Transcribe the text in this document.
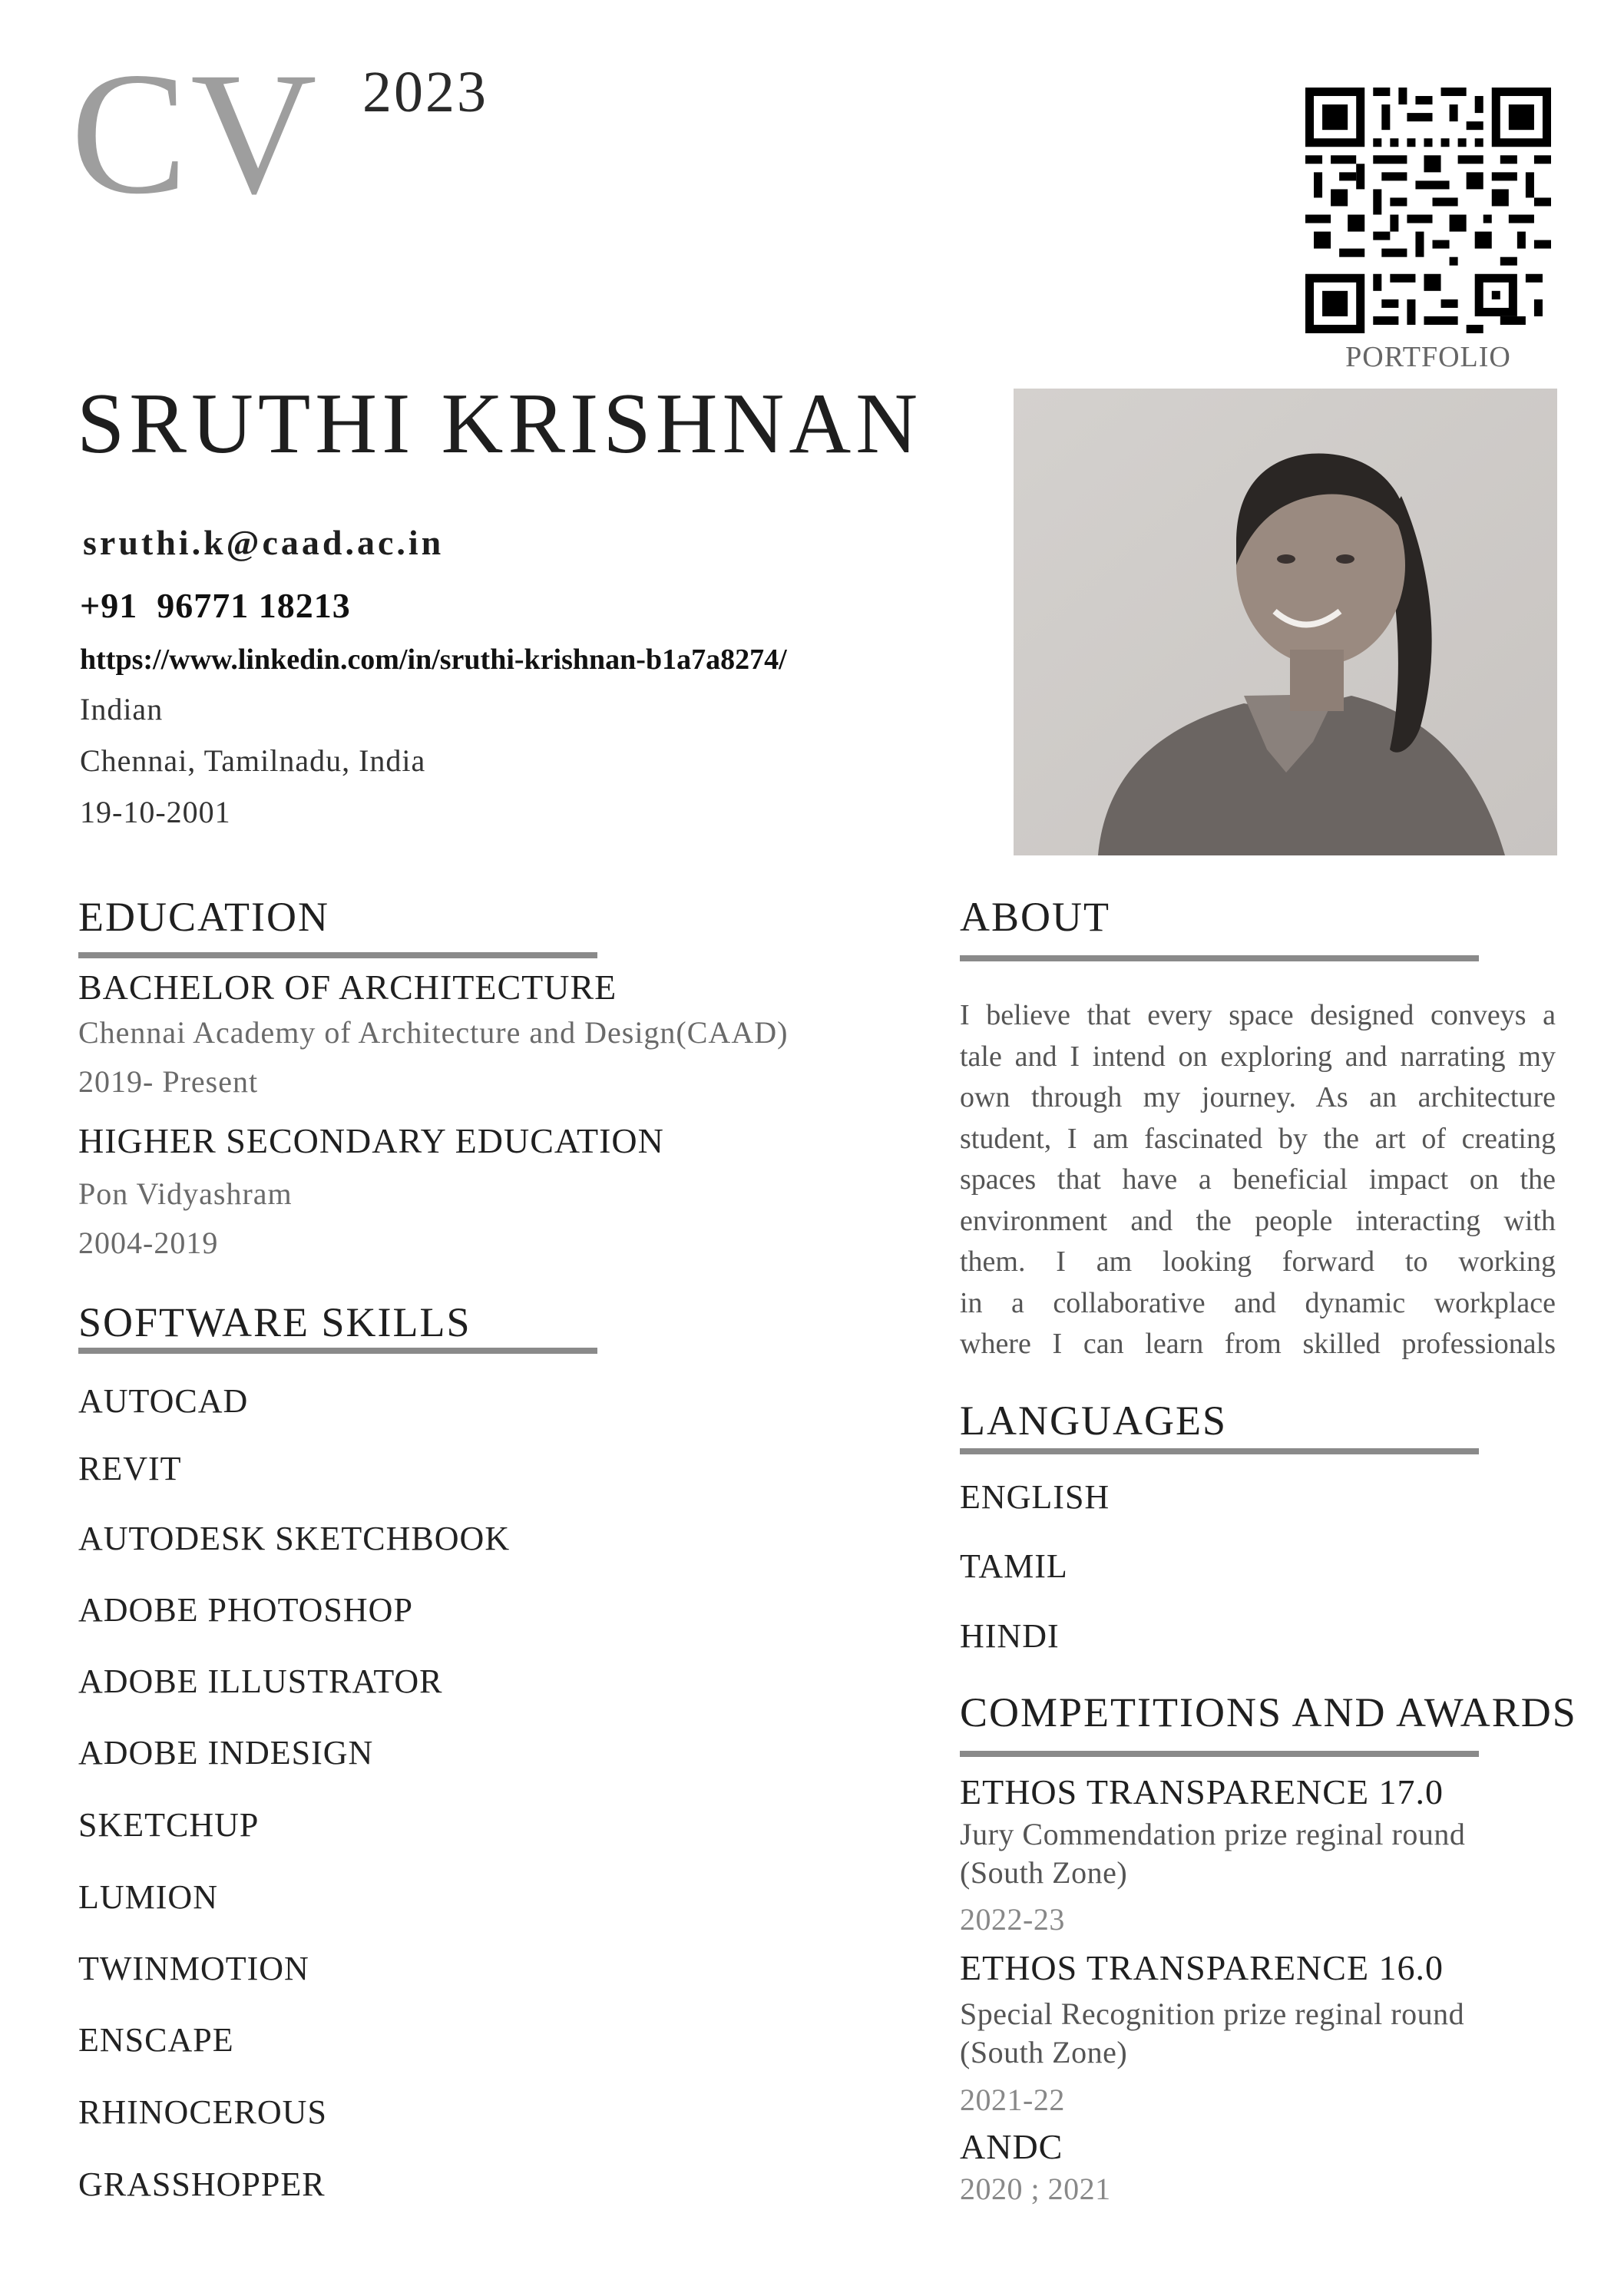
CV 2023
PORTFOLIO
SRUTHI KRISHNAN
sruthi.k@caad.ac.in
+91  96771 18213
https://www.linkedin.com/in/sruthi-krishnan-b1a7a8274/
Indian
Chennai, Tamilnadu, India
19-10-2001
EDUCATION
BACHELOR OF ARCHITECTURE
Chennai Academy of Architecture and Design(CAAD)
2019- Present
HIGHER SECONDARY EDUCATION
Pon Vidyashram
2004-2019
SOFTWARE SKILLS
AUTOCAD
REVIT
AUTODESK SKETCHBOOK
ADOBE PHOTOSHOP
ADOBE ILLUSTRATOR
ADOBE INDESIGN
SKETCHUP
LUMION
TWINMOTION
ENSCAPE
RHINOCEROUS
GRASSHOPPER
ABOUT
I believe that every space designed conveys a
tale and I intend on exploring and narrating my
own through my journey. As an architecture
student, I am fascinated by the art of creating
spaces that have a beneficial impact on the
environment and the people interacting with
them. I am looking forward to working
in a collaborative and dynamic workplace
where I can learn from skilled professionals
LANGUAGES
ENGLISH
TAMIL
HINDI
COMPETITIONS AND AWARDS
ETHOS TRANSPARENCE 17.0
Jury Commendation prize reginal round
(South Zone)
2022-23
ETHOS TRANSPARENCE 16.0
Special Recognition prize reginal round
(South Zone)
2021-22
ANDC
2020 ; 2021
